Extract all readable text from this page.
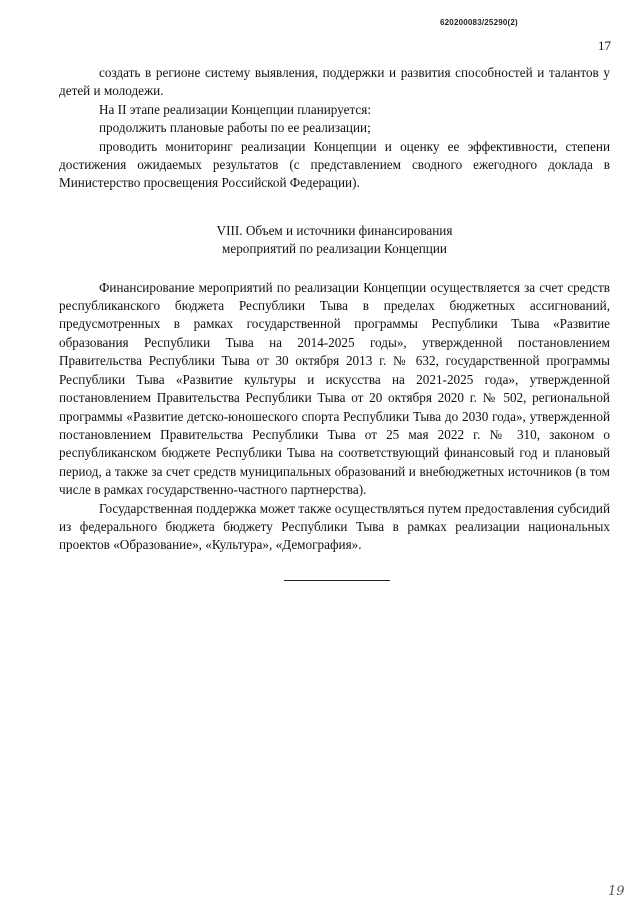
620200083/25290(2)
17

создать в регионе систему выявления, поддержки и развития способностей и талантов у детей и молодежи.

На II этапе реализации Концепции планируется:

продолжить плановые работы по ее реализации;

проводить мониторинг реализации Концепции и оценку ее эффективности, степени достижения ожидаемых результатов (с представлением сводного ежегодного доклада в Министерство просвещения Российской Федерации).

VIII. Объем и источники финансирования
мероприятий по реализации Концепции

Финансирование мероприятий по реализации Концепции осуществляется за счет средств республиканского бюджета Республики Тыва в пределах бюджетных ассигнований, предусмотренных в рамках государственной программы Республики Тыва «Развитие образования Республики Тыва на 2014-2025 годы», утвержденной постановлением Правительства Республики Тыва от 30 октября 2013 г. № 632, государственной программы Республики Тыва «Развитие культуры и искусства на 2021-2025 года», утвержденной постановлением Правительства Республики Тыва от 20 октября 2020 г. № 502, региональной программы «Развитие детско-юношеского спорта Республики Тыва до 2030 года», утвержденной постановлением Правительства Республики Тыва от 25 мая 2022 г. № 310, законом о республиканском бюджете Республики Тыва на соответствующий финансовый год и плановый период, а также за счет средств муниципальных образований и внебюджетных источников (в том числе в рамках государственно-частного партнерства).

Государственная поддержка может также осуществляться путем предоставления субсидий из федерального бюджета бюджету Республики Тыва в рамках реализации национальных проектов «Образование», «Культура», «Демография».

19
